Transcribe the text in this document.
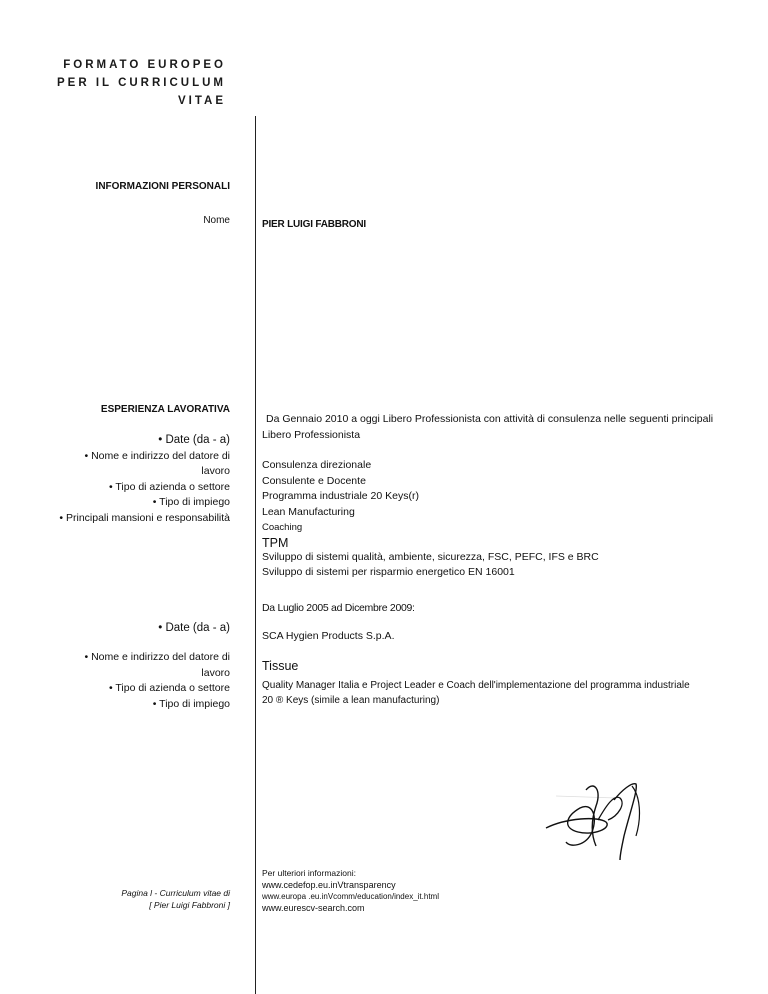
FORMATO EUROPEO
PER IL CURRICULUM
VITAE
INFORMAZIONI PERSONALI
Nome	PIER LUIGI FABBRONI
ESPERIENZA LAVORATIVA
• Date (da - a)
• Nome e indirizzo del datore di
lavoro
• Tipo di azienda o settore
• Tipo di impiego
• Principali mansioni e responsabilità
Da Gennaio 2010 a oggi Libero Professionista con attività di consulenza nelle seguenti principali
Libero Professionista
Consulenza direzionale
Consulente e Docente
Programma industriale 20 Keys(r)
Lean Manufacturing
Coaching
TPM
Sviluppo di sistemi qualità, ambiente, sicurezza, FSC, PEFC, IFS e BRC
Sviluppo di sistemi per risparmio energetico EN 16001
Da Luglio 2005 ad Dicembre 2009:
• Date (da - a)
SCA Hygien Products S.p.A.
• Nome e indirizzo del datore di
lavoro
• Tipo di azienda o settore
• Tipo di impiego
Tissue
Quality Manager Italia e Project Leader e Coach dell'implementazione del programma industriale
20 ® Keys (simile a lean manufacturing)
Pagina l - Curriculum vitae di
[ Pier Luigi Fabbroni ]
Per ulteriori informazioni:
www.cedefop.eu.inVtransparency
www.europa .eu.inVcomm/education/index_it.html
www.eurescv-search.com
